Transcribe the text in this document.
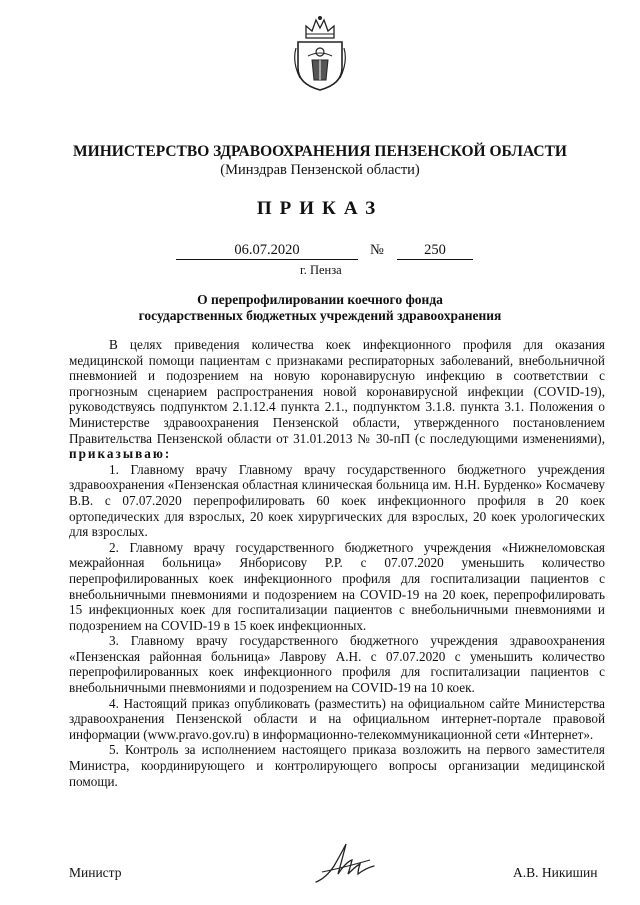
МИНИСТЕРСТВО ЗДРАВООХРАНЕНИЯ ПЕНЗЕНСКОЙ ОБЛАСТИ
(Минздрав Пензенской области)
ПРИКАЗ
06.07.2020	№	250
г. Пенза
О перепрофилировании коечного фонда
государственных бюджетных учреждений здравоохранения

В целях приведения количества коек инфекционного профиля для оказания медицинской помощи пациентам с признаками респираторных заболеваний, внебольничной пневмонией и подозрением на новую коронавирусную инфекцию в соответствии с прогнозным сценарием распространения новой коронавирусной инфекции (COVID-19), руководствуясь подпунктом 2.1.12.4 пункта 2.1., подпунктом 3.1.8. пункта 3.1. Положения о Министерстве здравоохранения Пензенской области, утвержденного постановлением Правительства Пензенской области от 31.01.2013 № 30-пП (с последующими изменениями), приказываю:

1. Главному врачу Главному врачу государственного бюджетного учреждения здравоохранения «Пензенская областная клиническая больница им. Н.Н. Бурденко» Космачеву В.В. с 07.07.2020 перепрофилировать 60 коек инфекционного профиля в 20 коек ортопедических для взрослых, 20 коек хирургических для взрослых, 20 коек урологических для взрослых.

2. Главному врачу государственного бюджетного учреждения «Нижнеломовская межрайонная больница» Янборисову Р.Р. с 07.07.2020 уменьшить количество перепрофилированных коек инфекционного профиля для госпитализации пациентов с внебольничными пневмониями и подозрением на COVID-19 на 20 коек, перепрофилировать 15 инфекционных коек для госпитализации пациентов с внебольничными пневмониями и подозрением на COVID-19 в 15 коек инфекционных.

3. Главному врачу государственного бюджетного учреждения здравоохранения «Пензенская районная больница» Лаврову А.Н. с 07.07.2020 с уменьшить количество перепрофилированных коек инфекционного профиля для госпитализации пациентов с внебольничными пневмониями и подозрением на COVID-19 на 10 коек.

4. Настоящий приказ опубликовать (разместить) на официальном сайте Министерства здравоохранения Пензенской области и на официальном интернет-портале правовой информации (www.pravo.gov.ru) в информационно-телекоммуникационной сети «Интернет».

5. Контроль за исполнением настоящего приказа возложить на первого заместителя Министра, координирующего и контролирующего вопросы организации медицинской помощи.

Министр	А.В. Никишин
